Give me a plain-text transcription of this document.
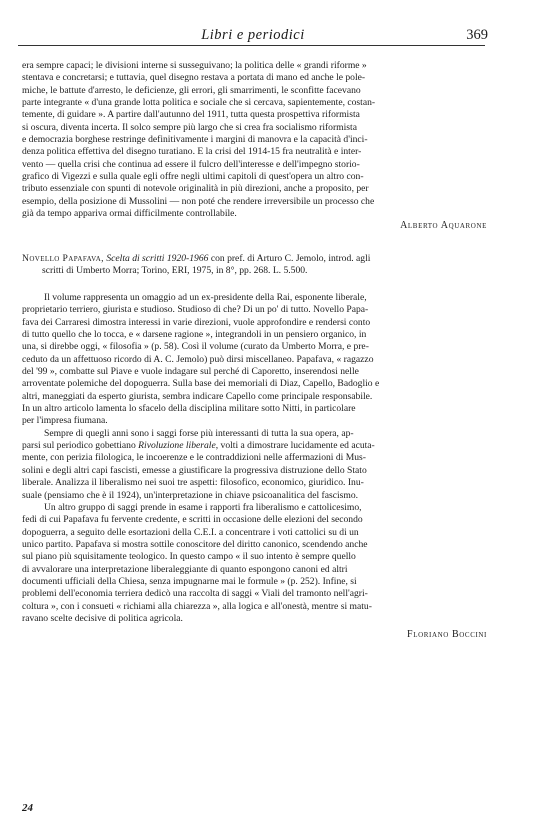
Libri e periodici	369
era sempre capaci; le divisioni interne si susseguivano; la politica delle « grandi riforme »
stentava e concretarsi; e tuttavia, quel disegno restava a portata di mano ed anche le pole-
miche, le battute d'arresto, le deficienze, gli errori, gli smarrimenti, le sconfitte facevano
parte integrante « d'una grande lotta politica e sociale che si cercava, sapientemente, costan-
temente, di guidare ». A partire dall'autunno del 1911, tutta questa prospettiva riformista
si oscura, diventa incerta. Il solco sempre più largo che si crea fra socialismo riformista
e democrazia borghese restringe definitivamente i margini di manovra e la capacità d'inci-
denza politica effettiva del disegno turatiano. E la crisi del 1914-15 fra neutralità e inter-
vento — quella crisi che continua ad essere il fulcro dell'interesse e dell'impegno storio-
grafico di Vigezzi e sulla quale egli offre negli ultimi capitoli di quest'opera un altro con-
tributo essenziale con spunti di notevole originalità in più direzioni, anche a proposito, per
esempio, della posizione di Mussolini — non poté che rendere irreversibile un processo che
già da tempo appariva ormai difficilmente controllabile.
Alberto Aquarone
Novello Papafava, Scelta di scritti 1920-1966 con pref. di Arturo C. Jemolo, introd. agli
scritti di Umberto Morra; Torino, ERI, 1975, in 8°, pp. 268. L. 5.500.
Il volume rappresenta un omaggio ad un ex-presidente della Rai, esponente liberale,
proprietario terriero, giurista e studioso. Studioso di che? Di un po' di tutto. Novello Papa-
fava dei Carraresi dimostra interessi in varie direzioni, vuole approfondire e rendersi conto
di tutto quello che lo tocca, e « darsene ragione », integrandoli in un pensiero organico, in
una, si direbbe oggi, « filosofia » (p. 58). Così il volume (curato da Umberto Morra, e pre-
ceduto da un affettuoso ricordo di A. C. Jemolo) può dirsi miscellaneo. Papafava, « ragazzo
del '99 », combatte sul Piave e vuole indagare sul perché di Caporetto, inserendosi nelle
arroventate polemiche del dopoguerra. Sulla base dei memoriali di Diaz, Capello, Badoglio e
altri, maneggiati da esperto giurista, sembra indicare Capello come principale responsabile.
In un altro articolo lamenta lo sfacelo della disciplina militare sotto Nitti, in particolare
per l'impresa fiumana.
Sempre di quegli anni sono i saggi forse più interessanti di tutta la sua opera, ap-
parsi sul periodico gobettiano Rivoluzione liberale, volti a dimostrare lucidamente ed acuta-
mente, con perizia filologica, le incoerenze e le contraddizioni nelle affermazioni di Mus-
solini e degli altri capi fascisti, emesse a giustificare la progressiva distruzione dello Stato
liberale. Analizza il liberalismo nei suoi tre aspetti: filosofico, economico, giuridico. Inu-
suale (pensiamo che è il 1924), un'interpretazione in chiave psicoanalitica del fascismo.
Un altro gruppo di saggi prende in esame i rapporti fra liberalismo e cattolicesimo,
fedi di cui Papafava fu fervente credente, e scritti in occasione delle elezioni del secondo
dopoguerra, a seguito delle esortazioni della C.E.I. a concentrare i voti cattolici su di un
unico partito. Papafava si mostra sottile conoscitore del diritto canonico, scendendo anche
sul piano più squisitamente teologico. In questo campo « il suo intento è sempre quello
di avvalorare una interpretazione liberaleggiante di quanto espongono canoni ed altri
documenti ufficiali della Chiesa, senza impugnarne mai le formule » (p. 252). Infine, si
problemi dell'economia terriera dedicò una raccolta di saggi « Viali del tramonto nell'agri-
coltura », con i consueti « richiami alla chiarezza », alla logica e all'onestà, mentre si matu-
ravano scelte decisive di politica agricola.
Floriano Boccini
24
